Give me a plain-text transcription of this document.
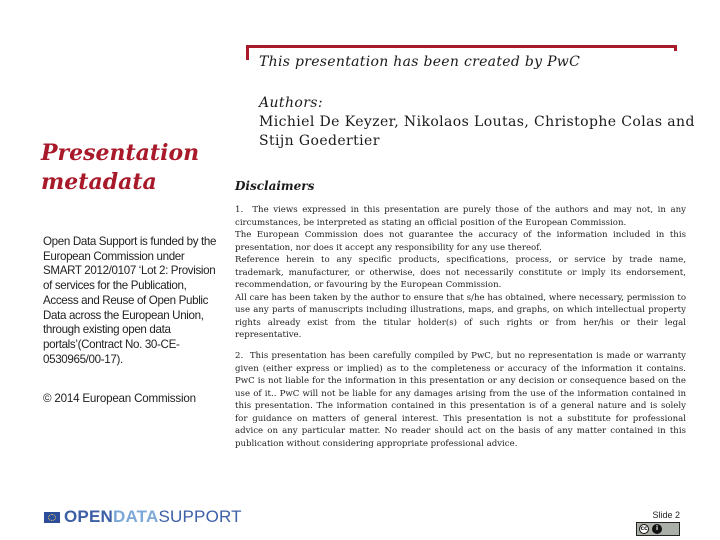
This presentation has been created by PwC
Authors:
Michiel De Keyzer, Nikolaos Loutas, Christophe Colas and Stijn Goedertier
Presentation
metadata	Disclaimers
Open Data Support is funded by the European Commission under SMART 2012/0107 ‘Lot 2: Provision of services for the Publication, Access and Reuse of Open Public Data across the European Union, through existing open data portals’(Contract No. 30-CE-0530965/00-17).
© 2014 European Commission

1. The views expressed in this presentation are purely those of the authors and may not, in any circumstances, be interpreted as stating an official position of the European Commission.

The European Commission does not guarantee the accuracy of the information included in this presentation, nor does it accept any responsibility for any use thereof.

Reference herein to any specific products, specifications, process, or service by trade name, trademark, manufacturer, or otherwise, does not necessarily constitute or imply its endorsement, recommendation, or favouring by the European Commission.

All care has been taken by the author to ensure that s/he has obtained, where necessary, permission to use any parts of manuscripts including illustrations, maps, and graphs, on which intellectual property rights already exist from the titular holder(s) of such rights or from her/his or their legal representative.

2. This presentation has been carefully compiled by PwC, but no representation is made or warranty given (either express or implied) as to the completeness or accuracy of the information it contains. PwC is not liable for the information in this presentation or any decision or consequence based on the use of it.. PwC will not be liable for any damages arising from the use of the information contained in this presentation. The information contained in this presentation is of a general nature and is solely for guidance on matters of general interest. This presentation is not a substitute for professional advice on any particular matter. No reader should act on the basis of any matter contained in this publication without considering appropriate professional advice.

OPEN DATA SUPPORT	Slide 2
cc	i
